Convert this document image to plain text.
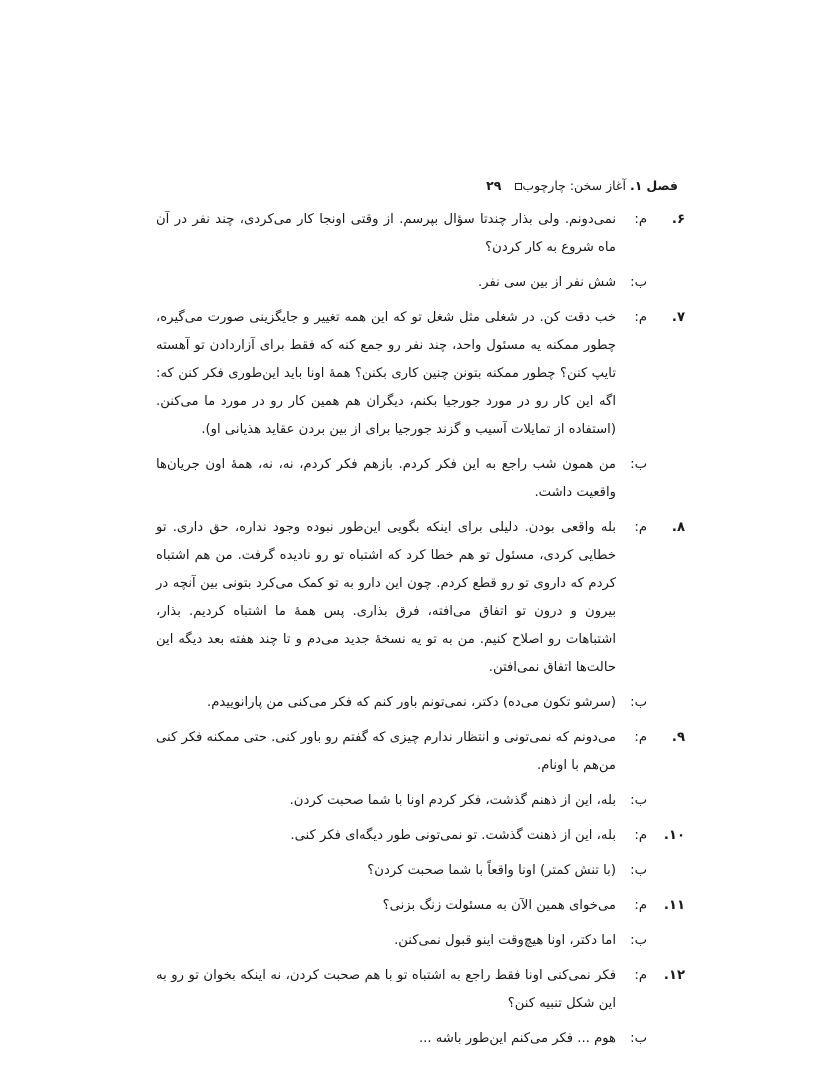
فصل
۱.
آغاز سخن: چارچوب
۲۹
۶.
م:
نمی‌دونم. ولی بذار چندتا سؤال بپرسم. از وقتی اونجا کار می‌کردی، چند نفر در آن ماه شروع به کار کردن؟
ب:
شش نفر از بین سی نفر.
۷.
م:
خب دقت کن. در شغلی مثل شغل تو که این همه تغییر و جایگزینی صورت می‌گیره، چطور ممکنه یه مسئول واحد، چند نفر رو جمع کنه که فقط برای آزاردادن تو آهسته تایپ کنن؟ چطور ممکنه بتونن چنین کاری بکنن؟ همهٔ اونا باید این‌طوری فکر کنن که: اگه این کار رو در مورد جورجیا بکنم، دیگران هم همین کار رو در مورد ما می‌کنن. (استفاده از تمایلات آسیب و گزند جورجیا برای از بین بردن عقاید هذیانی او).
ب:
من همون شب راجع به این فکر کردم. بازهم فکر کردم، نه، نه، همهٔ اون جریان‌ها واقعیت داشت.
۸.
م:
بله واقعی بودن. دلیلی برای اینکه بگویی این‌طور نبوده وجود نداره، حق داری. تو خطایی کردی، مسئول تو هم خطا کرد که اشتباه تو رو نادیده گرفت. من هم اشتباه کردم که داروی تو رو قطع کردم. چون این دارو به تو کمک می‌کرد بتونی بین آنچه در بیرون و درون تو اتفاق می‌افته، فرق بذاری. پس همهٔ ما اشتباه کردیم. بذار، اشتباهات رو اصلاح کنیم. من به تو یه نسخهٔ جدید می‌دم و تا چند هفته بعد دیگه این حالت‌ها اتفاق نمی‌افتن.
ب:
(سرشو تکون می‌ده) دکتر، نمی‌تونم باور کنم که فکر می‌کنی من پارانوییدم.
۹.
م:
می‌دونم که نمی‌تونی و انتظار ندارم چیزی که گفتم رو باور کنی. حتی ممکنه فکر کنی من‌هم با اونام.
ب:
بله، این از ذهنم گذشت، فکر کردم اونا با شما صحبت کردن.
۱۰.
م:
بله، این از ذهنت گذشت. تو نمی‌تونی طور دیگه‌ای فکر کنی.
ب:
(با تنش کمتر) اونا واقعاً با شما صحبت کردن؟
۱۱.
م:
می‌خوای همین الآن به مسئولت زنگ بزنی؟
ب:
اما دکتر، اونا هیچ‌وقت اینو قبول نمی‌کنن.
۱۲.
م:
فکر نمی‌کنی اونا فقط راجع به اشتباه تو با هم صحبت کردن، نه اینکه بخوان تو رو به این شکل تنبیه کنن؟
ب:
هوم ... فکر می‌کنم این‌طور باشه ...
